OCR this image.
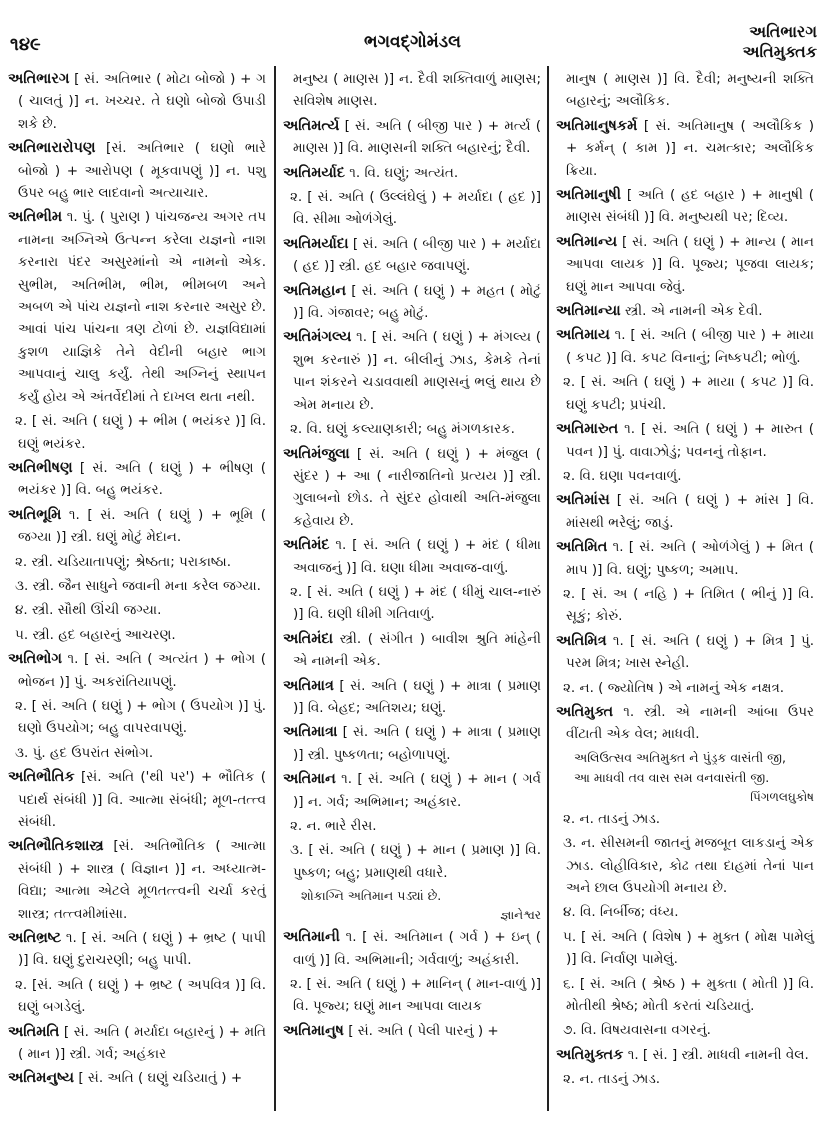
૧૪૯	ભગવદ્ગોમંડલ
અતિભારગ
અતિમુક્તક

અતિભારગ [ સં. અતિભાર ( મોટા બોજો ) + ગ ( ચાલતું )] ન. ખચ્ચર. તે ઘણો બોજો ઉપાડી શકે છે.

અતિભારારોપણ [સં. અતિભાર ( ઘણો ભારે બોજો ) + આરોપણ ( મૂકવાપણું )] ન. પશુ ઉપર બહુ ભાર લાદવાનો અત્યાચાર.

અતિભીમ ૧. પું. ( પુરાણ ) પાંચજન્ય અગર તપ નામના અગ્નિએ ઉત્પન્ન કરેલા યજ્ઞનો નાશ કરનારા પંદર અસુરમાંનો એ નામનો એક. સુભીમ, અતિભીમ, ભીમ, ભીમબળ અને અબળ એ પાંચ યજ્ઞનો નાશ કરનાર અસુર છે. આવાં પાંચ પાંચના ત્રણ ટોળાં છે. યજ્ઞવિદ્યામાં કુશળ યાજ્ઞિકે તેને વેદીની બહાર ભાગ આપવાનું ચાલુ કર્યું. તેથી અગ્નિનું સ્થાપન કર્યું હોય એ અંતર્વેદીમાં તે દાખલ થતા નથી.

૨. [ સં. અતિ ( ઘણું ) + ભીમ ( ભયંકર )] વિ. ઘણું ભયંકર.

અતિભીષણ [ સં. અતિ ( ઘણું ) + ભીષણ ( ભયંકર )] વિ. બહુ ભયંકર.

અતિભૂમિ ૧. [ સં. અતિ ( ઘણું ) + ભૂમિ ( જગ્યા )] સ્ત્રી. ઘણું મોટું મેદાન.

૨. સ્ત્રી. ચડિયાતાપણું; શ્રેષ્ઠતા; પરાકાષ્ઠા.

૩. સ્ત્રી. જૈન સાધુને જવાની મના કરેલ જગ્યા.

૪. સ્ત્રી. સૌથી ઊંચી જગ્યા.

૫. સ્ત્રી. હદ બહારનું આચરણ.

અતિભોગ ૧. [ સં. અતિ ( અત્યંત ) + ભોગ ( ભોજન )] પું. અકરાંતિયાપણું.

૨. [ સં. અતિ ( ઘણું ) + ભોગ ( ઉપયોગ )] પું. ઘણો ઉપયોગ; બહુ વાપરવાપણું.

૩. પું. હદ ઉપરાંત સંભોગ.

અતિભૌતિક [સં. અતિ ('થી પર') + ભૌતિક ( પદાર્થ સંબંધી )] વિ. આત્મા સંબંધી; મૂળ-તત્ત્વ સંબંધી.

અતિભૌતિકશાસ્ત્ર [સં. અતિભૌતિક ( આત્મા સંબંધી ) + શાસ્ત્ર ( વિજ્ઞાન )] ન. અધ્યાત્મ-વિદ્યા; આત્મા એટલે મૂળતત્ત્વની ચર્ચા કરતું શાસ્ત્ર; તત્ત્વમીમાંસા.

અતિભ્રષ્ટ ૧. [ સં. અતિ ( ઘણું ) + ભ્રષ્ટ ( પાપી )] વિ. ઘણું દુરાચરણી; બહુ પાપી.

૨. [સં. અતિ ( ઘણું ) + ભ્રષ્ટ ( અપવિત્ર )] વિ. ઘણું બગડેલું.

અતિમતિ [ સં. અતિ ( મર્યાદા બહારનું ) + મતિ ( માન )] સ્ત્રી. ગર્વ; અહંકાર

અતિમનુષ્ય [ સં. અતિ ( ઘણું ચડિયાતું ) +

મનુષ્ય ( માણસ )] ન. દૈવી શક્તિવાળું માણસ; સવિશેષ માણસ.

અતિમર્ત્ય [ સં. અતિ ( બીજી પાર ) + મર્ત્ય ( માણસ )] વિ. માણસની શક્તિ બહારનું; દૈવી.

અતિમર્યાદ ૧. વિ. ઘણું; અત્યંત.

૨. [ સં. અતિ ( ઉલ્લંઘેલું ) + મર્યાદા ( હદ )] વિ. સીમા ઓળંગેલું.

અતિમર્યાદા [ સં. અતિ ( બીજી પાર ) + મર્યાદા ( હદ )] સ્ત્રી. હદ બહાર જવાપણું.

અતિમહાન [ સં. અતિ ( ઘણું ) + મહત ( મોટું )] વિ. ગંજાવર; બહુ મોટું.

અતિમંગલ્ય ૧. [ સં. અતિ ( ઘણું ) + મંગલ્ય ( શુભ કરનારું )] ન. બીલીનું ઝાડ, કેમકે તેનાં પાન શંકરને ચડાવવાથી માણસનું ભલું થાય છે એમ મનાય છે.

૨. વિ. ઘણું કલ્યાણકારી; બહુ મંગળકારક.

અતિમંજુલા [ સં. અતિ ( ઘણું ) + મંજુલ ( સુંદર ) + આ ( નારીજાતિનો પ્રત્યય )] સ્ત્રી. ગુલાબનો છોડ. તે સુંદર હોવાથી અતિ-મંજુલા કહેવાય છે.

અતિમંદ ૧. [ સં. અતિ ( ઘણું ) + મંદ ( ધીમા અવાજનું )] વિ. ઘણા ધીમા અવાજ-વાળું.

૨. [ સં. અતિ ( ઘણું ) + મંદ ( ધીમું ચાલ-નારું )] વિ. ઘણી ધીમી ગતિવાળું.

અતિમંદા સ્ત્રી. ( સંગીત ) બાવીશ શ્રુતિ માંહેની એ નામની એક.

અતિમાત્ર [ સં. અતિ ( ઘણું ) + માત્રા ( પ્રમાણ )] વિ. બેહદ; અતિશય; ઘણું.

અતિમાત્રા [ સં. અતિ ( ઘણું ) + માત્રા ( પ્રમાણ )] સ્ત્રી. પુષ્કળતા; બહોળાપણું.

અતિમાન ૧. [ સં. અતિ ( ઘણું ) + માન ( ગર્વ )] ન. ગર્વ; અભિમાન; અહંકાર.

૨. ન. ભારે રીસ.

૩. [ સં. અતિ ( ઘણું ) + માન ( પ્રમાણ )] વિ. પુષ્કળ; બહુ; પ્રમાણથી વધારે.

શોકાગ્નિ અતિમાન પડ્યાં છે.
જ્ઞાનેશ્વર

અતિમાની ૧. [ સં. અતિમાન ( ગર્વ ) + ઇન્ ( વાળું )] વિ. અભિમાની; ગર્વવાળું; અહંકારી.

૨. [ સં. અતિ ( ઘણું ) + માનિન્ ( માન-વાળું )] વિ. પૂજ્ય; ઘણું માન આપવા લાયક

અતિમાનુષ [ સં. અતિ ( પેલી પારનું ) +

માનુષ ( માણસ )] વિ. દૈવી; મનુષ્યની શક્તિ બહારનું; અલૌકિક.

અતિમાનુષકર્મ [ સં. અતિમાનુષ ( અલૌકિક ) + કર્મન્ ( કામ )] ન. ચમત્કાર; અલૌકિક ક્રિયા.

અતિમાનુષી [ અતિ ( હદ બહાર ) + માનુષી ( માણસ સંબંધી )] વિ. મનુષ્યથી પર; દિવ્ય.

અતિમાન્ય [ સં. અતિ ( ઘણું ) + માન્ય ( માન આપવા લાયક )] વિ. પૂજ્ય; પૂજવા લાયક; ઘણું માન આપવા જેવું.

અતિમાન્યા સ્ત્રી. એ નામની એક દેવી.

અતિમાય ૧. [ સં. અતિ ( બીજી પાર ) + માયા ( કપટ )] વિ. કપટ વિનાનું; નિષ્કપટી; ભોળું.

૨. [ સં. અતિ ( ઘણું ) + માયા ( કપટ )] વિ. ઘણું કપટી; પ્રપંચી.

અતિમારુત ૧. [ સં. અતિ ( ઘણું ) + મારુત ( પવન )] પું. વાવાઝોડું; પવનનું તોફાન.

૨. વિ. ઘણા પવનવાળું.

અતિમાંસ [ સં. અતિ ( ઘણું ) + માંસ ] વિ. માંસથી ભરેલું; જાડું.

અતિમિત ૧. [ સં. અતિ ( ઓળંગેલું ) + મિત ( માપ )] વિ. ઘણું; પુષ્કળ; અમાપ.

૨. [ સં. અ ( નહિ ) + તિમિત ( ભીનું )] વિ. સૂકું; કોરું.

અતિમિત્ર ૧. [ સં. અતિ ( ઘણું ) + મિત્ર ] પું. પરમ મિત્ર; ખાસ સ્નેહી.

૨. ન. ( જ્યોતિષ ) એ નામનું એક નક્ષત્ર.

અતિમુક્ત ૧. સ્ત્રી. એ નામની આંબા ઉપર વીંટાતી એક વેલ; માધવી.

અલિઉત્સવ અતિમુક્ત ને પુંડ્રક વાસંતી જી,
આ માધવી તવ વાસ સમ વનવાસંતી જી.
પિંગળલઘુકોષ

૨. ન. તાડનું ઝાડ.

૩. ન. સીસમની જાતનું મજબૂત લાકડાનું એક ઝાડ. લોહીવિકાર, કોઢ તથા દાહમાં તેનાં પાન અને છાલ ઉપયોગી મનાય છે.

૪. વિ. નિર્બીજ; વંધ્ય.

૫. [ સં. અતિ ( વિશેષ ) + મુક્ત ( મોક્ષ પામેલું )] વિ. નિર્વાણ પામેલું.

૬. [ સં. અતિ ( શ્રેષ્ઠ ) + મુક્તા ( મોતી )] વિ. મોતીથી શ્રેષ્ઠ; મોતી કરતાં ચડિયાતું.

૭. વિ. વિષયવાસના વગરનું.

અતિમુક્તક ૧. [ સં. ] સ્ત્રી. માધવી નામની વેલ.

૨. ન. તાડનું ઝાડ.
